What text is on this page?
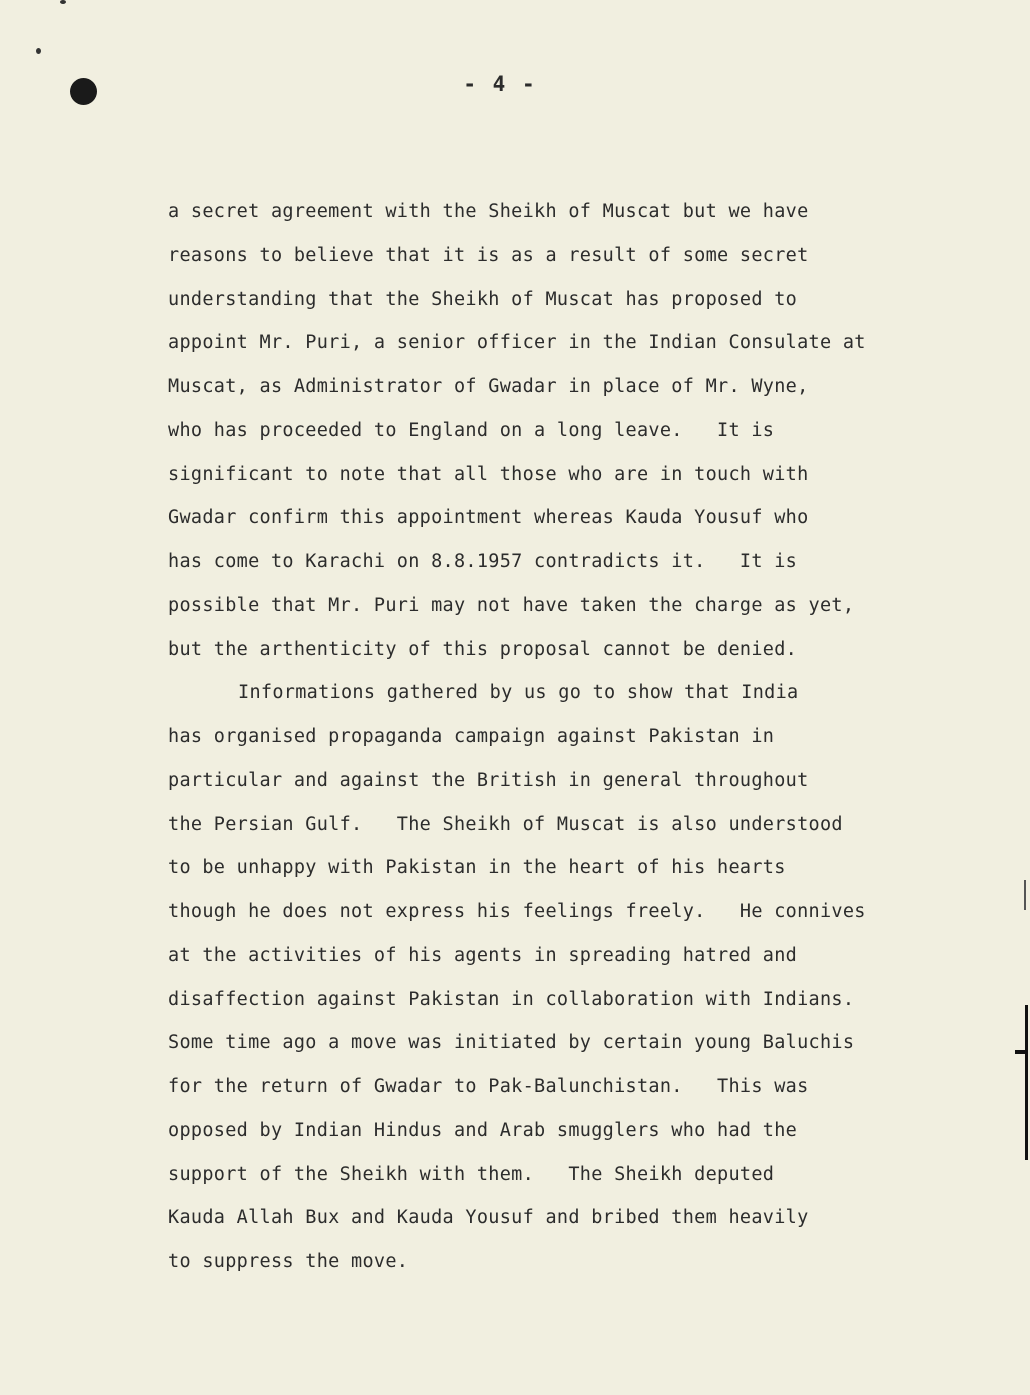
- 4 -
a secret agreement with the Sheikh of Muscat but we have
reasons to believe that it is as a result of some secret
understanding that the Sheikh of Muscat has proposed to
appoint Mr. Puri, a senior officer in the Indian Consulate at
Muscat, as Administrator of Gwadar in place of Mr. Wyne,
who has proceeded to England on a long leave.   It is
significant to note that all those who are in touch with
Gwadar confirm this appointment whereas Kauda Yousuf who
has come to Karachi on 8.8.1957 contradicts it.   It is
possible that Mr. Puri may not have taken the charge as yet,
but the arthenticity of this proposal cannot be denied.
Informations gathered by us go to show that India
has organised propaganda campaign against Pakistan in
particular and against the British in general throughout
the Persian Gulf.   The Sheikh of Muscat is also understood
to be unhappy with Pakistan in the heart of his hearts
though he does not express his feelings freely.   He connives
at the activities of his agents in spreading hatred and
disaffection against Pakistan in collaboration with Indians.
Some time ago a move was initiated by certain young Baluchis
for the return of Gwadar to Pak-Balunchistan.   This was
opposed by Indian Hindus and Arab smugglers who had the
support of the Sheikh with them.   The Sheikh deputed
Kauda Allah Bux and Kauda Yousuf and bribed them heavily
to suppress the move.
